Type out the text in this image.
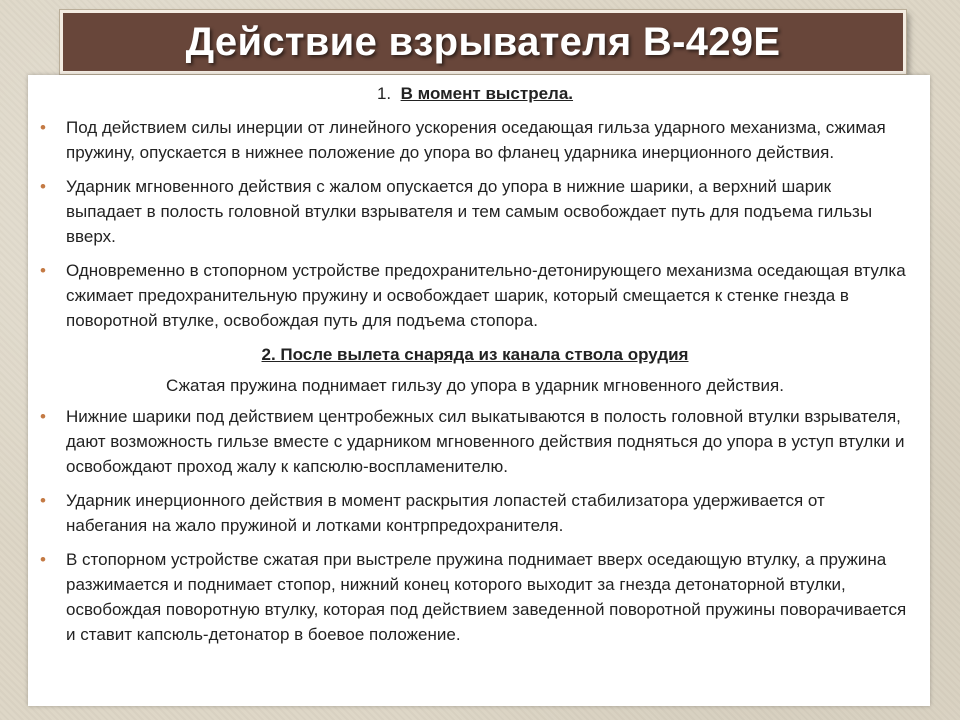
Действие взрывателя В-429Е
1. В момент выстрела.
• Под действием силы инерции от линейного ускорения оседающая гильза ударного механизма, сжимая пружину, опускается в нижнее положение до упора во фланец ударника инерционного действия.
• Ударник мгновенного действия с жалом опускается до упора в нижние шарики, а верхний шарик выпадает в полость головной втулки взрывателя и тем самым освобождает путь для подъема гильзы вверх.
• Одновременно в стопорном устройстве предохранительно-детонирующего механизма оседающая втулка сжимает предохранительную пружину и освобождает шарик, который смещается к стенке гнезда в поворотной втулке, освобождая путь для подъема стопора.
2. После вылета снаряда из канала ствола орудия
Сжатая пружина поднимает гильзу до упора в ударник мгновенного действия.
• Нижние шарики под действием центробежных сил выкатываются в полость головной втулки взрывателя, дают возможность гильзе вместе с ударником мгновенного действия подняться до упора в уступ втулки и освобождают проход жалу к капсюлю-воспламенителю.
• Ударник инерционного действия в момент раскрытия лопастей стабилизатора удерживается от набегания на жало пружиной и лотками контрпредохранителя.
• В стопорном устройстве сжатая при выстреле пружина поднимает вверх оседающую втулку, а пружина разжимается и поднимает стопор, нижний конец которого выходит за гнезда детонаторной втулки, освобождая поворотную втулку, которая под действием заведенной поворотной пружины поворачивается и ставит капсюль-детонатор в боевое положение.
